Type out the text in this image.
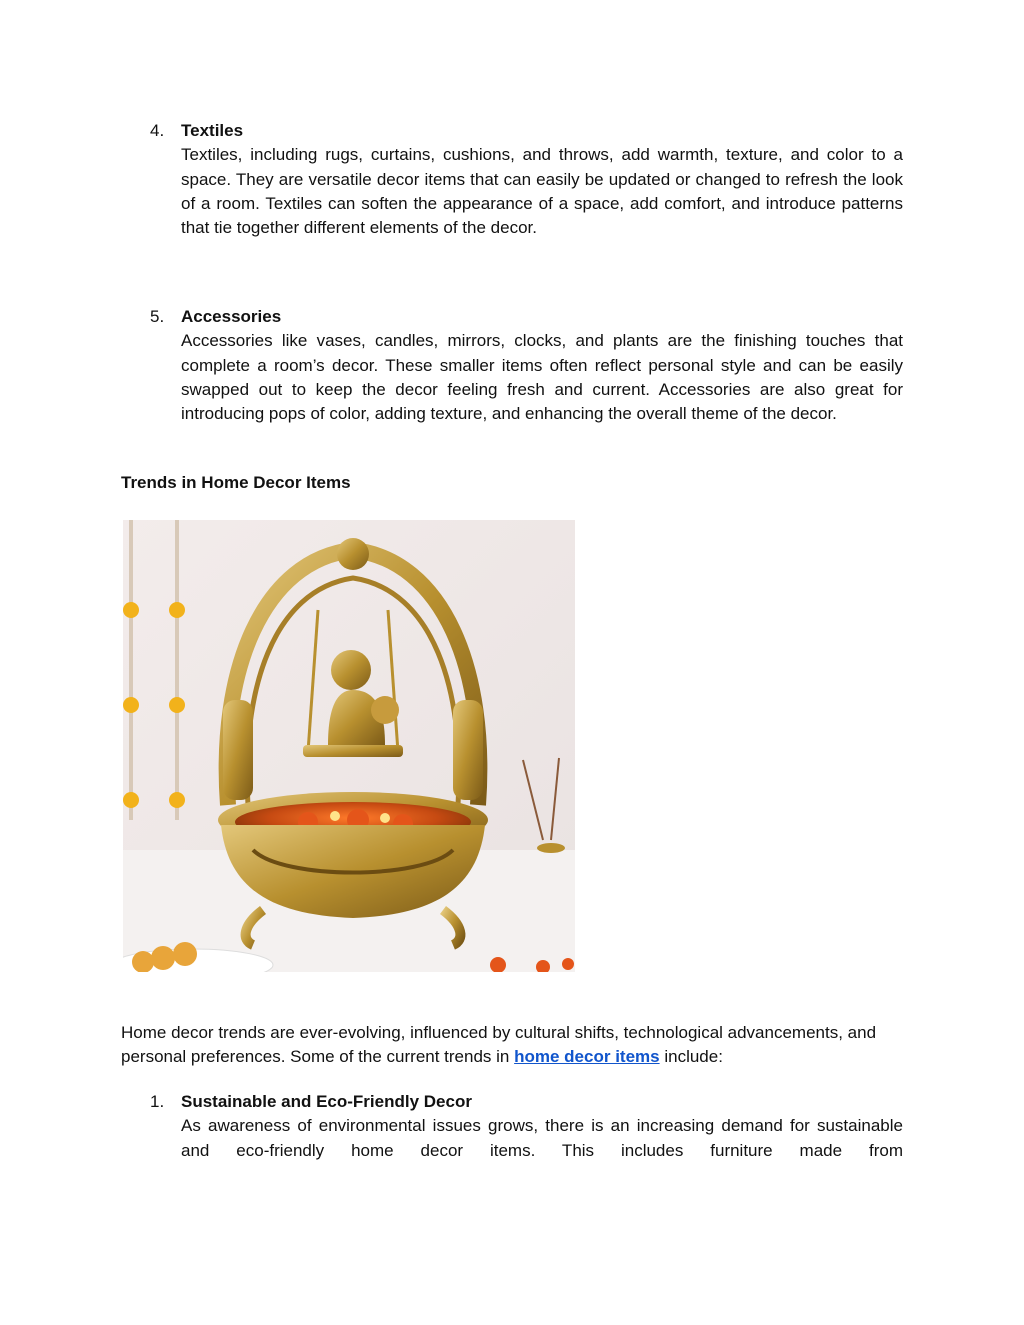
4. Textiles
Textiles, including rugs, curtains, cushions, and throws, add warmth, texture, and color to a space. They are versatile decor items that can easily be updated or changed to refresh the look of a room. Textiles can soften the appearance of a space, add comfort, and introduce patterns that tie together different elements of the decor.
5. Accessories
Accessories like vases, candles, mirrors, clocks, and plants are the finishing touches that complete a room’s decor. These smaller items often reflect personal style and can be easily swapped out to keep the decor feeling fresh and current. Accessories are also great for introducing pops of color, adding texture, and enhancing the overall theme of the decor.
Trends in Home Decor Items
Home decor trends are ever-evolving, influenced by cultural shifts, technological advancements, and personal preferences. Some of the current trends in home decor items include:
1. Sustainable and Eco-Friendly Decor
As awareness of environmental issues grows, there is an increasing demand for sustainable and eco-friendly home decor items. This includes furniture made from
